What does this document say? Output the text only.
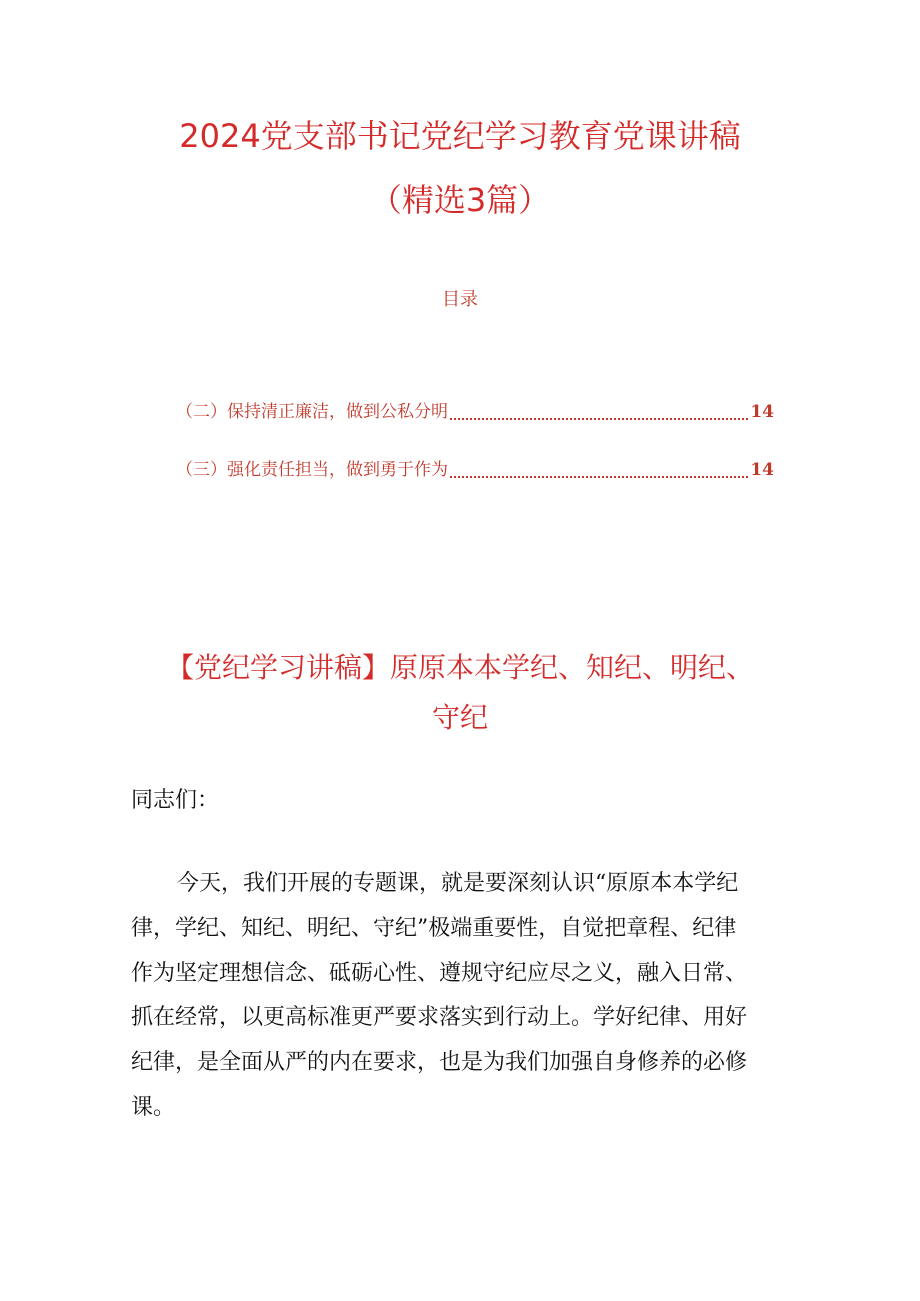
2024党支部书记党纪学习教育党课讲稿
（精选3篇）
目录
（二）保持清正廉洁，做到公私分明	14
（三）强化责任担当，做到勇于作为	14
【党纪学习讲稿】原原本本学纪、知纪、明纪、
守纪

同志们：

今天，我们开展的专题课，就是要深刻认识“原原本本学纪
律，学纪、知纪、明纪、守纪”极端重要性，自觉把章程、纪律
作为坚定理想信念、砥砺心性、遵规守纪应尽之义，融入日常、
抓在经常，以更高标准更严要求落实到行动上。学好纪律、用好
纪律，是全面从严的内在要求，也是为我们加强自身修养的必修
课。
